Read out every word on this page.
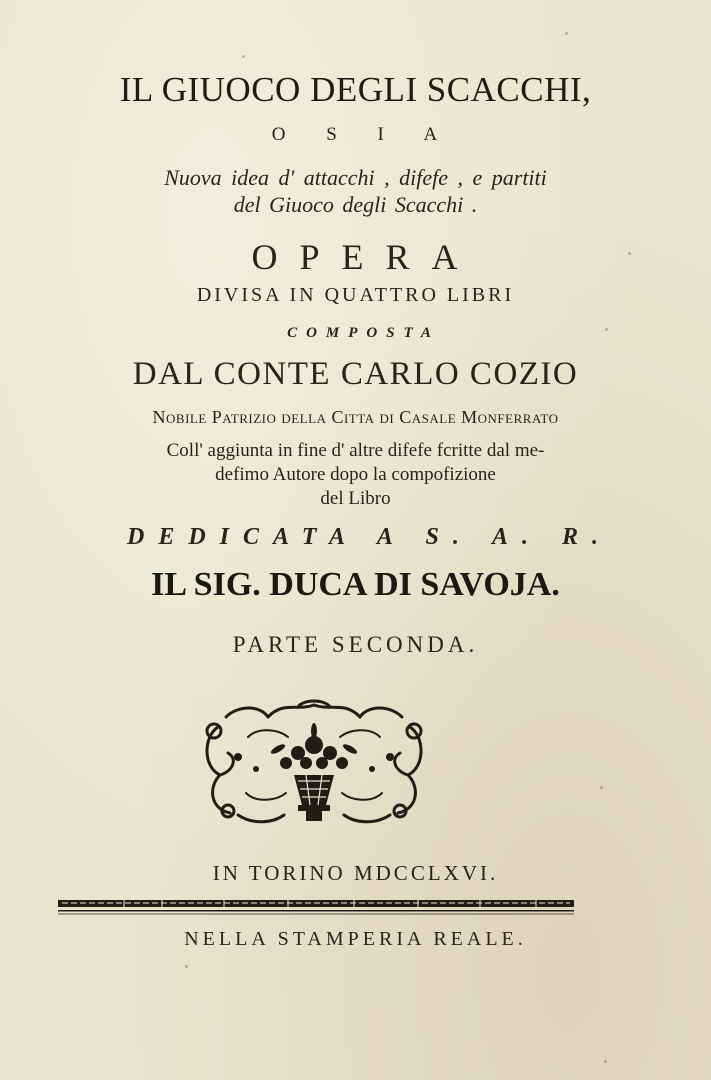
IL GIUOCO DEGLI SCACCHI,
O S I A
Nuova idea d' attacchi , difefe , e partiti
del Giuoco degli Scacchi .
OPERA
DIVISA IN QUATTRO LIBRI
COMPOSTA
DAL CONTE CARLO COZIO
Nobile Patrizio della Citta di Casale Monferrato
Coll' aggiunta in fine d' altre difefe fcritte dal me-
defimo Autore dopo la compofizione
del Libro
DEDICATA A S. A. R.
IL SIG. DUCA DI SAVOJA.
PARTE SECONDA.
IN TORINO MDCCLXVI.
NELLA STAMPERIA REALE.
